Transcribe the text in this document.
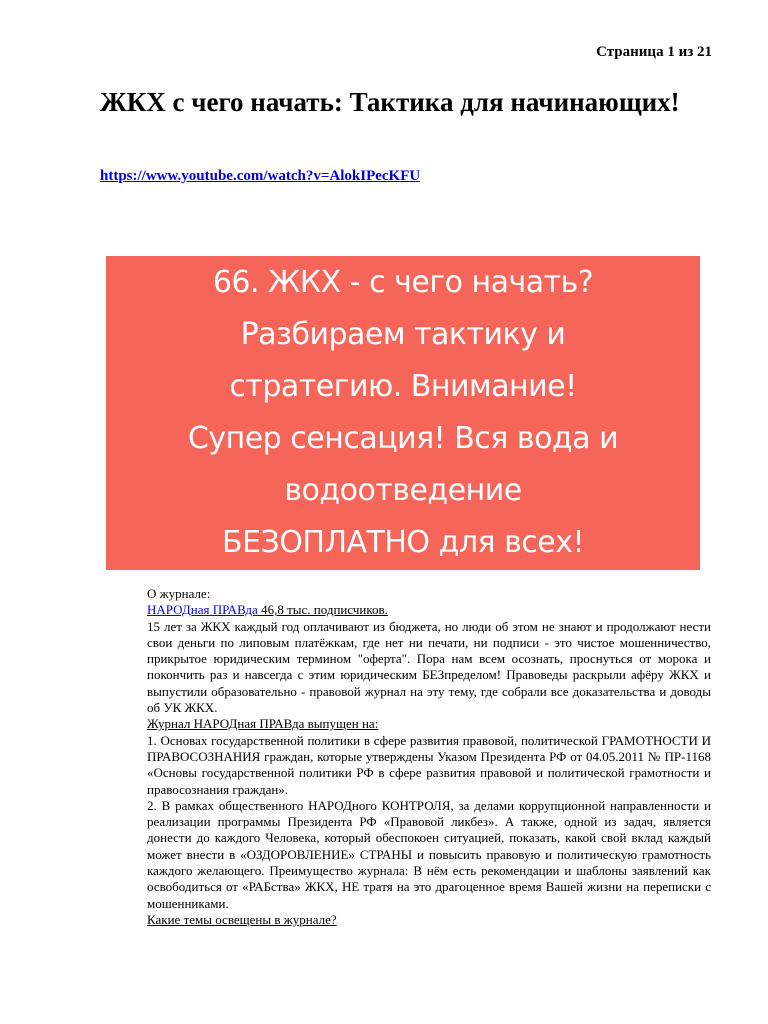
Страница 1 из 21
ЖКХ с чего начать: Тактика для начинающих!
https://www.youtube.com/watch?v=AlokIPecKFU
66. ЖКХ - с чего начать?
Разбираем тактику и
стратегию. Внимание!
Супер сенсация! Вся вода и
водоотведение
БЕЗОПЛАТНО для всех!

О журнале:

НАРОДная ПРАВда 46,8 тыс. подписчиков.

15 лет за ЖКХ каждый год оплачивают из бюджета, но люди об этом не знают и продолжают нести свои деньги по липовым платёжкам, где нет ни печати, ни подписи - это чистое мошенничество, прикрытое юридическим термином "оферта". Пора нам всем осознать, проснуться от морока и покончить раз и навсегда с этим юридическим БЕЗпределом! Правоведы раскрыли афёру ЖКХ и выпустили образовательно - правовой журнал на эту тему, где собрали все доказательства и доводы об УК ЖКХ.

Журнал НАРОДная ПРАВда выпущен на:

1. Основах государственной политики в сфере развития правовой, политической ГРАМОТНОСТИ И ПРАВОСОЗНАНИЯ граждан, которые утверждены Указом Президента РФ от 04.05.2011 № ПР-1168 «Основы государственной политики РФ в сфере развития правовой и политической грамотности и правосознания граждан».

2. В рамках общественного НАРОДного КОНТРОЛЯ, за делами коррупционной направленности и реализации программы Президента РФ «Правовой ликбез». А также, одной из задач, является донести до каждого Человека, который обеспокоен ситуацией, показать, какой свой вклад каждый может внести в «ОЗДОРОВЛЕНИЕ» СТРАНЫ и повысить правовую и политическую грамотность каждого желающего. Преимущество журнала: В нём есть рекомендации и шаблоны заявлений как освободиться от «РАБства» ЖКХ, НЕ тратя на это драгоценное время Вашей жизни на переписки с мошенниками.

Какие темы освещены в журнале?
